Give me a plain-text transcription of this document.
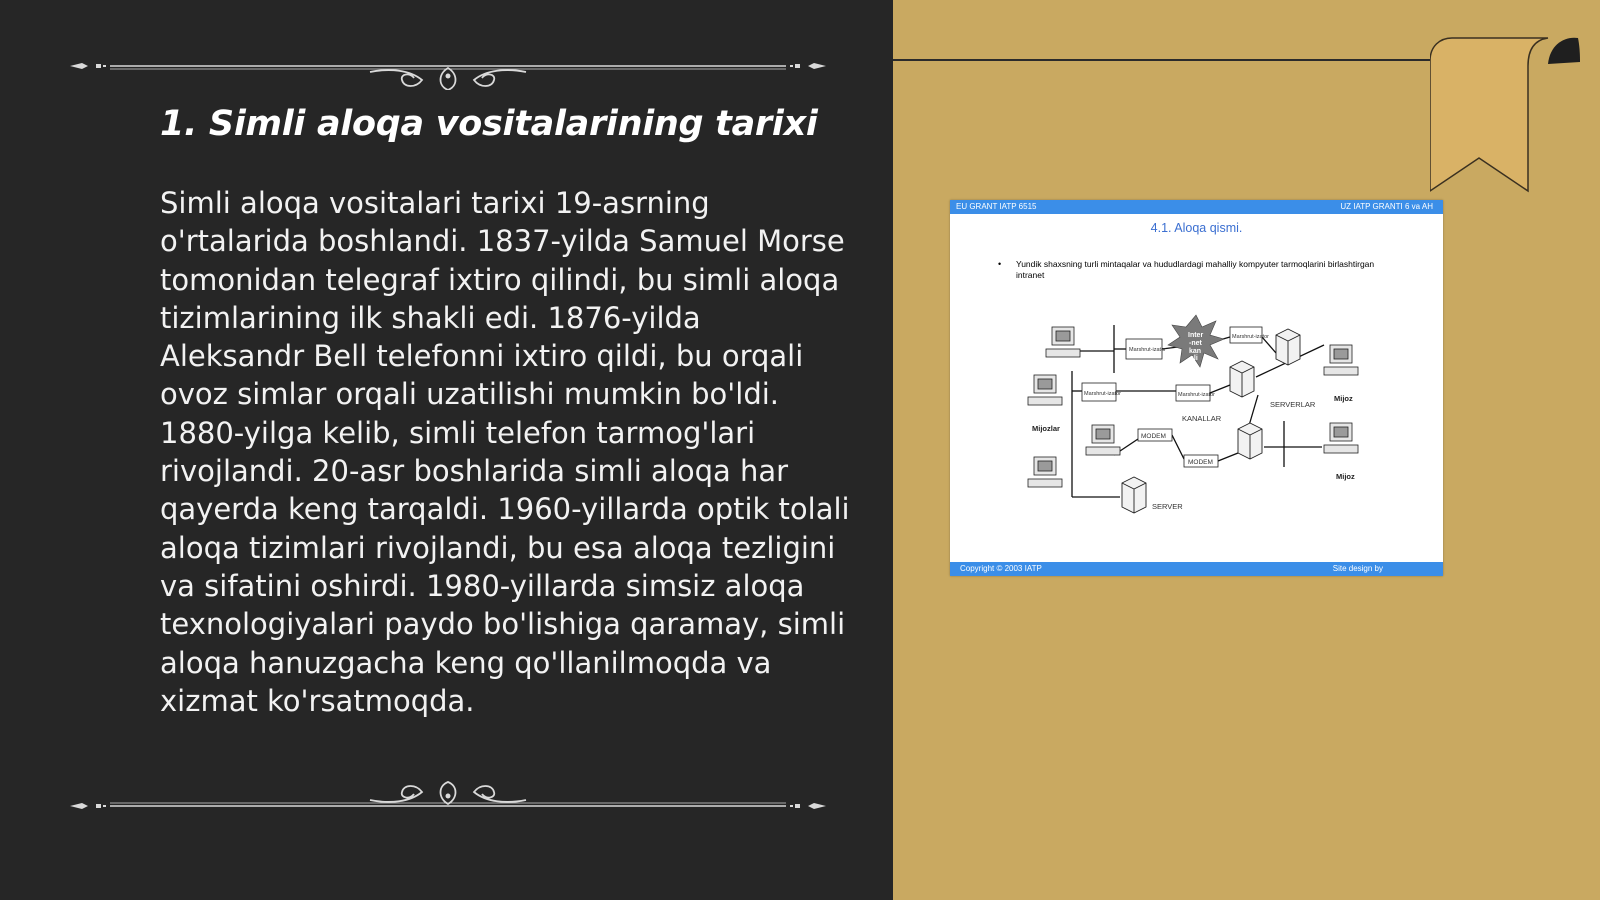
1. Simli aloqa vositalarining tarixi

Simli aloqa vositalari tarixi 19-asrning o'rtalarida boshlandi. 1837-yilda Samuel Morse tomonidan telegraf ixtiro qilindi, bu simli aloqa tizimlarining ilk shakli edi. 1876-yilda Aleksandr Bell telefonni ixtiro qildi, bu orqali ovoz simlar orqali uzatilishi mumkin bo'ldi. 1880-yilga kelib, simli telefon tarmog'lari rivojlandi. 20-asr boshlarida simli aloqa har qayerda keng tarqaldi. 1960-yillarda optik tolali aloqa tizimlari rivojlandi, bu esa aloqa tezligini va sifatini oshirdi. 1980-yillarda simsiz aloqa texnologiyalari paydo bo'lishiga qaramay, simli aloqa hanuzgacha keng qo'llanilmoqda va xizmat ko'rsatmoqda.

EU GRANT IATP 6515	UZ IATP GRANTI 6 va AH
4.1. Aloqa qismi.
• Yundik shaxsning turli mintaqalar va hududlardagi mahalliy kompyuter tarmoqlarini birlashtirgan intranet
Inter
-net
kan
ali
Marshrut-izator
Marshrut-izator
Marshrut-izator	Marshrut-izator
MODEM
MODEM
KANALLAR
SERVERLAR
SERVER
Mijozlar
Mijoz
Mijoz
Copyright © 2003 IATP	Site design by
